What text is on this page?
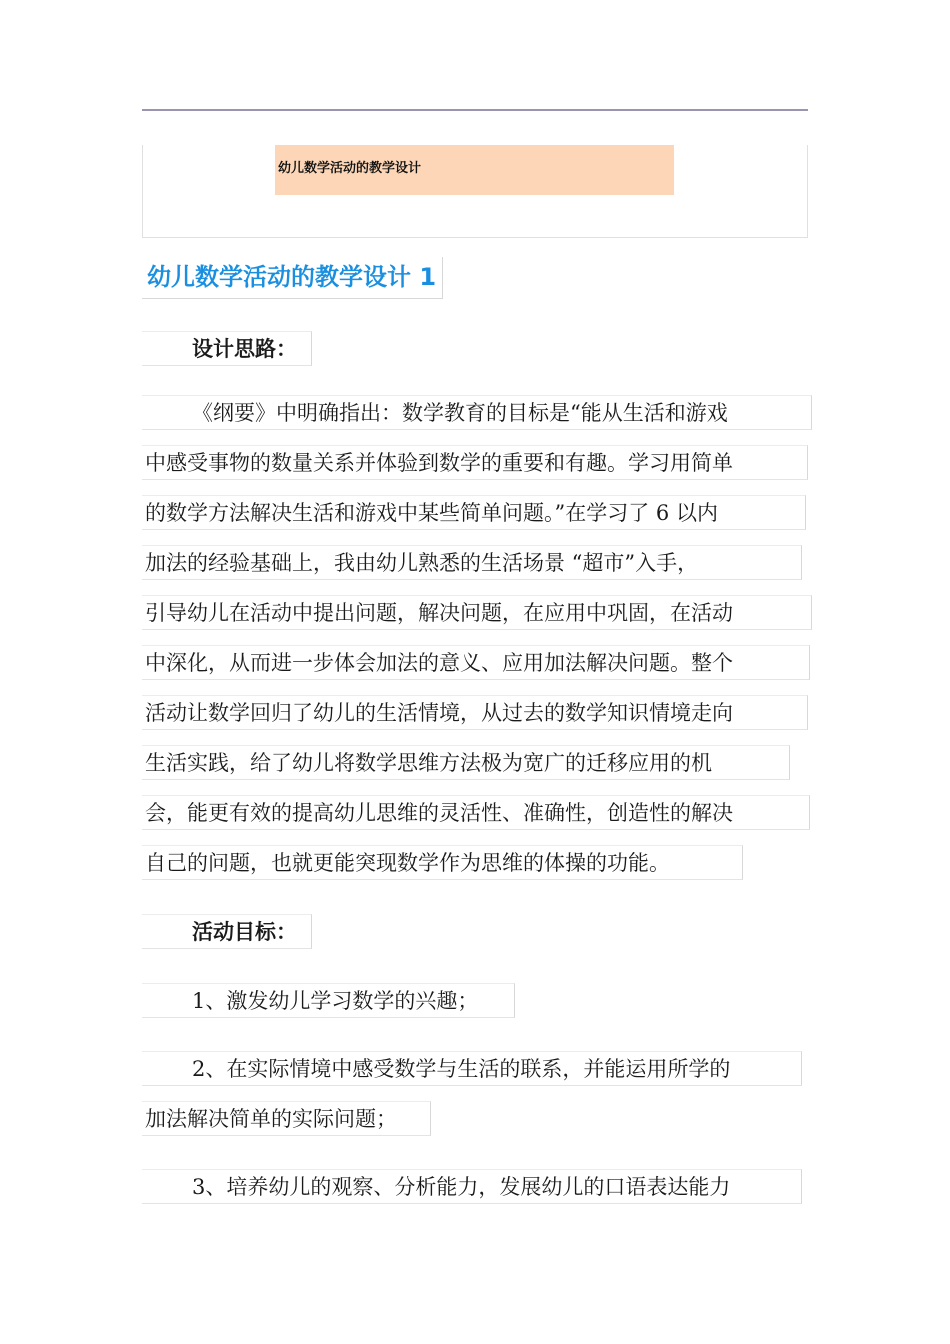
幼儿数学活动的教学设计
幼儿数学活动的教学设计 1
设计思路：
《纲要》中明确指出：数学教育的目标是“能从生活和游戏
中感受事物的数量关系并体验到数学的重要和有趣。学习用简单
的数学方法解决生活和游戏中某些简单问题。”在学习了 6 以内
加法的经验基础上，我由幼儿熟悉的生活场景 “超市”入手，
引导幼儿在活动中提出问题，解决问题，在应用中巩固，在活动
中深化，从而进一步体会加法的意义、应用加法解决问题。整个
活动让数学回归了幼儿的生活情境，从过去的数学知识情境走向
生活实践，给了幼儿将数学思维方法极为宽广的迁移应用的机
会，能更有效的提高幼儿思维的灵活性、准确性，创造性的解决
自己的问题，也就更能突现数学作为思维的体操的功能。
活动目标：
1、激发幼儿学习数学的兴趣；
2、在实际情境中感受数学与生活的联系，并能运用所学的
加法解决简单的实际问题；
3、培养幼儿的观察、分析能力，发展幼儿的口语表达能力
